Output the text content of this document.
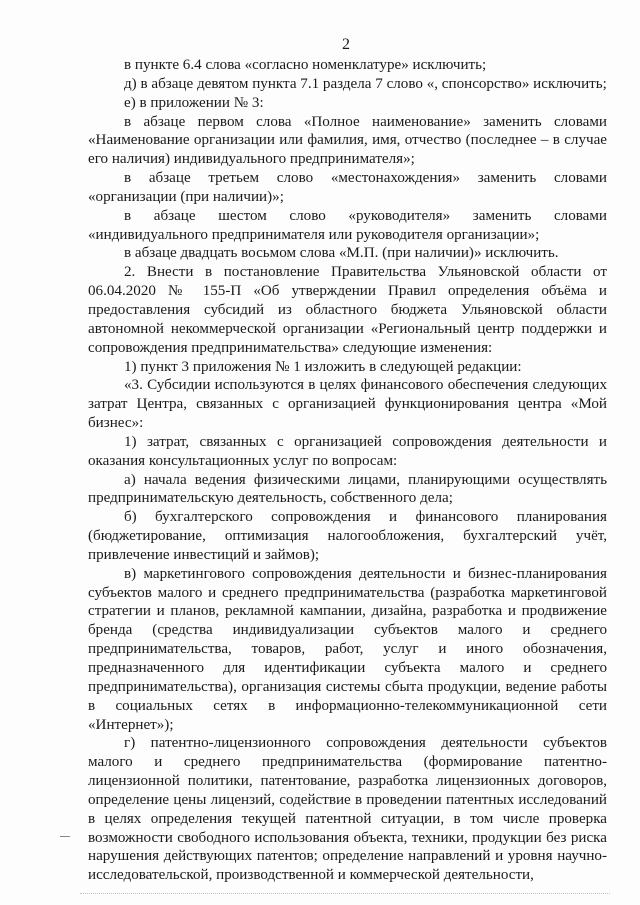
2

в пункте 6.4 слова «согласно номенклатуре» исключить;

д) в абзаце девятом пункта 7.1 раздела 7 слово «, спонсорство» исключить;

е) в приложении № 3:

в абзаце первом слова «Полное наименование» заменить словами «Наименование организации или фамилия, имя, отчество (последнее – в случае его наличия) индивидуального предпринимателя»;

в абзаце третьем слово «местонахождения» заменить словами «организации (при наличии)»;

в абзаце шестом слово «руководителя» заменить словами «индивидуального предпринимателя или руководителя организации»;

в абзаце двадцать восьмом слова «М.П. (при наличии)» исключить.

2. Внести в постановление Правительства Ульяновской области от 06.04.2020 № 155-П «Об утверждении Правил определения объёма и предоставления субсидий из областного бюджета Ульяновской области автономной некоммерческой организации «Региональный центр поддержки и сопровождения предпринимательства» следующие изменения:

1) пункт 3 приложения № 1 изложить в следующей редакции:

«3. Субсидии используются в целях финансового обеспечения следующих затрат Центра, связанных с организацией функционирования центра «Мой бизнес»:

1) затрат, связанных с организацией сопровождения деятельности и оказания консультационных услуг по вопросам:

а) начала ведения физическими лицами, планирующими осуществлять предпринимательскую деятельность, собственного дела;

б) бухгалтерского сопровождения и финансового планирования (бюджетирование, оптимизация налогообложения, бухгалтерский учёт, привлечение инвестиций и займов);

в) маркетингового сопровождения деятельности и бизнес-планирования субъектов малого и среднего предпринимательства (разработка маркетинговой стратегии и планов, рекламной кампании, дизайна, разработка и продвижение бренда (средства индивидуализации субъектов малого и среднего предпринимательства, товаров, работ, услуг и иного обозначения, предназначенного для идентификации субъекта малого и среднего предпринимательства), организация системы сбыта продукции, ведение работы в социальных сетях в информационно-телекоммуникационной сети «Интернет»);

г) патентно-лицензионного сопровождения деятельности субъектов малого и среднего предпринимательства (формирование патентно-лицензионной политики, патентование, разработка лицензионных договоров, определение цены лицензий, содействие в проведении патентных исследований в целях определения текущей патентной ситуации, в том числе проверка возможности свободного использования объекта, техники, продукции без риска нарушения действующих патентов; определение направлений и уровня научно-исследовательской, производственной и коммерческой деятельности,
